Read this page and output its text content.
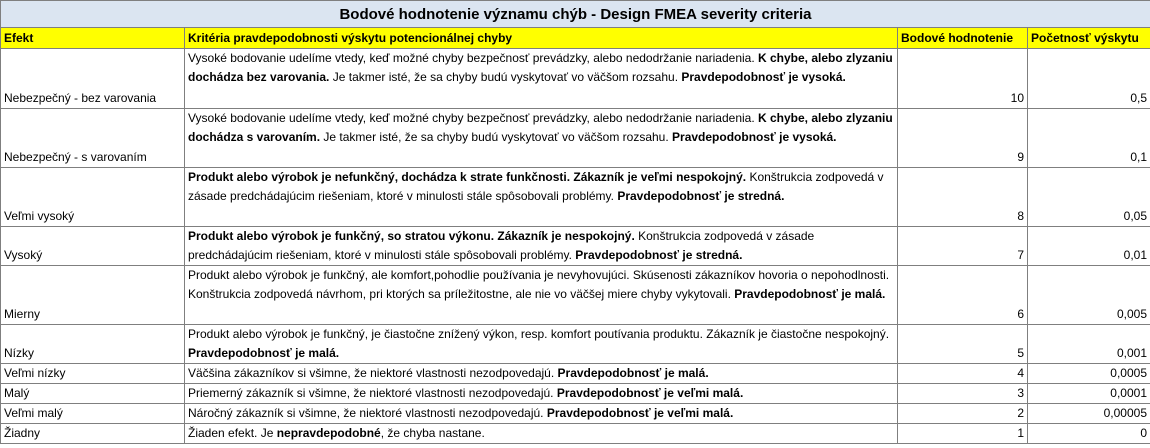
Bodové hodnotenie významu chýb - Design FMEA severity criteria			
Efekt	Kritéria pravdepodobnosti výskytu potencionálnej chyby	Bodové hodnotenie	Početnosť výskytu
Nebezpečný - bez varovania	Vysoké bodovanie udelíme vtedy, keď možné chyby bezpečnosť prevádzky, alebo nedodržanie nariadenia. K chybe, alebo zlyzaniu dochádza bez varovania. Je takmer isté, že sa chyby budú vyskytovať vo väčšom rozsahu. Pravdepodobnosť je vysoká.	10	0,5
Nebezpečný - s varovaním	Vysoké bodovanie udelíme vtedy, keď možné chyby bezpečnosť prevádzky, alebo nedodržanie nariadenia. K chybe, alebo zlyzaniu dochádza s varovaním. Je takmer isté, že sa chyby budú vyskytovať vo väčšom rozsahu. Pravdepodobnosť je vysoká.	9	0,1
Veľmi vysoký	Produkt alebo výrobok je nefunkčný, dochádza k strate funkčnosti. Zákazník je veľmi nespokojný. Konštrukcia zodpovedá v zásade predchádajúcim riešeniam, ktoré v minulosti stále spôsobovali problémy. Pravdepodobnosť je stredná.	8	0,05
Vysoký	Produkt alebo výrobok je funkčný, so stratou výkonu. Zákazník je nespokojný. Konštrukcia zodpovedá v zásade predchádajúcim riešeniam, ktoré v minulosti stále spôsobovali problémy. Pravdepodobnosť je stredná.	7	0,01
Mierny	Produkt alebo výrobok je funkčný, ale komfort,pohodlie používania je nevyhovujúci. Skúsenosti zákazníkov hovoria o nepohodlnosti. Konštrukcia zodpovedá návrhom, pri ktorých sa príležitostne, ale nie vo väčšej miere chyby vykytovali. Pravdepodobnosť je malá.	6	0,005
Nízky	Produkt alebo výrobok je funkčný, je čiastočne znížený výkon, resp. komfort poutívania produktu. Zákazník je čiastočne nespokojný. Pravdepodobnosť je malá.	5	0,001
Veľmi nízky	Väčšina zákazníkov si všimne, že niektoré vlastnosti nezodpovedajú. Pravdepodobnosť je malá.	4	0,0005
Malý	Priemerný zákazník si všimne, že niektoré vlastnosti nezodpovedajú. Pravdepodobnosť je veľmi malá.	3	0,0001
Veľmi malý	Náročný zákazník si všimne, že niektoré vlastnosti nezodpovedajú. Pravdepodobnosť je veľmi malá.	2	0,00005
Žiadny	Žiaden efekt. Je nepravdepodobné, že chyba nastane.	1	0
